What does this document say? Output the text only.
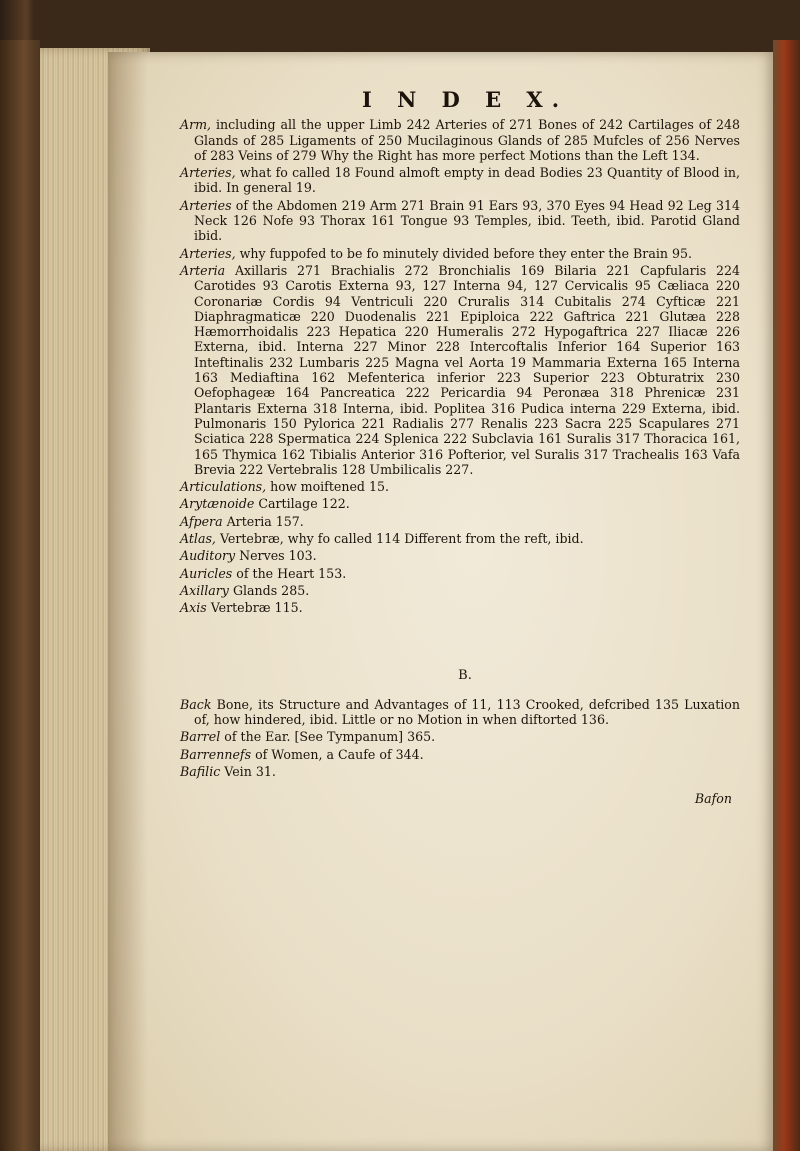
I N D E X.

Arm, including all the upper Limb 242 Arteries of 271 Bones of 242 Cartilages of 248 Glands of 285 Ligaments of 250 Mucilaginous Glands of 285 Mufcles of 256 Nerves of 283 Veins of 279 Why the Right has more perfect Motions than the Left 134.

Arteries, what fo called 18 Found almoft empty in dead Bodies 23 Quantity of Blood in, ibid. In general 19.

Arteries of the Abdomen 219 Arm 271 Brain 91 Ears 93, 370 Eyes 94 Head 92 Leg 314 Neck 126 Nofe 93 Thorax 161 Tongue 93 Temples, ibid. Teeth, ibid. Parotid Gland ibid.

Arteries, why fuppofed to be fo minutely divided before they enter the Brain 95.

Arteria Axillaris 271 Brachialis 272 Bronchialis 169 Bilaria 221 Capfularis 224 Carotides 93 Carotis Externa 93, 127 Interna 94, 127 Cervicalis 95 Cæliaca 220 Coronariæ Cordis 94 Ventriculi 220 Cruralis 314 Cubitalis 274 Cyfticæ 221 Diaphragmaticæ 220 Duodenalis 221 Epiploica 222 Gaftrica 221 Glutæa 228 Hæmorrhoidalis 223 Hepatica 220 Humeralis 272 Hypogaftrica 227 Iliacæ 226 Externa, ibid. Interna 227 Minor 228 Intercoftalis Inferior 164 Superior 163 Inteftinalis 232 Lumbaris 225 Magna vel Aorta 19 Mammaria Externa 165 Interna 163 Mediaftina 162 Mefenterica inferior 223 Superior 223 Obturatrix 230 Oefophageæ 164 Pancreatica 222 Pericardia 94 Peronæa 318 Phrenicæ 231 Plantaris Externa 318 Interna, ibid. Poplitea 316 Pudica interna 229 Externa, ibid. Pulmonaris 150 Pylorica 221 Radialis 277 Renalis 223 Sacra 225 Scapulares 271 Sciatica 228 Spermatica 224 Splenica 222 Subclavia 161 Suralis 317 Thoracica 161, 165 Thymica 162 Tibialis Anterior 316 Pofterior, vel Suralis 317 Trachealis 163 Vafa Brevia 222 Vertebralis 128 Umbilicalis 227.

Articulations, how moiftened 15.

Arytænoide Cartilage 122.

Afpera Arteria 157.

Atlas, Vertebræ, why fo called 114 Different from the reft, ibid.

Auditory Nerves 103.

Auricles of the Heart 153.

Axillary Glands 285.

Axis Vertebræ 115.

B.

Back Bone, its Structure and Advantages of 11, 113 Crooked, defcribed 135 Luxation of, how hindered, ibid. Little or no Motion in when diftorted 136.

Barrel of the Ear. [See Tympanum] 365.

Barrennefs of Women, a Caufe of 344.

Bafilic Vein 31.

Bafon
